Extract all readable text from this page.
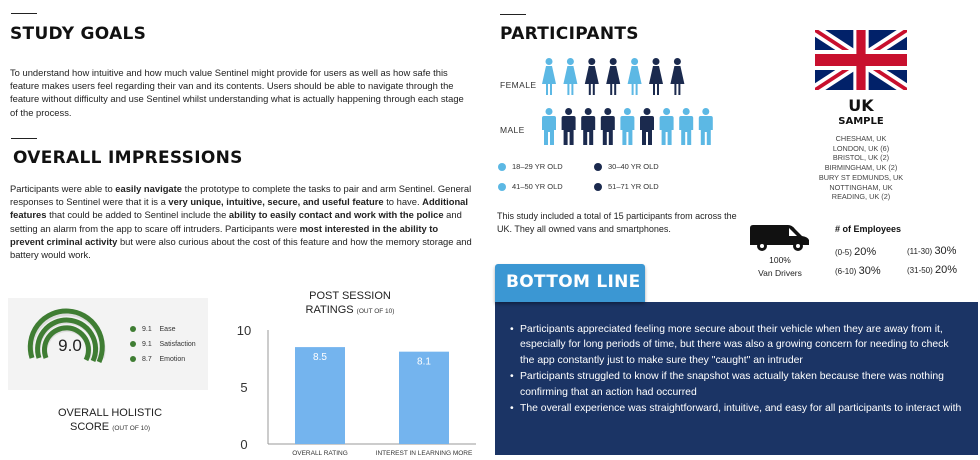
STUDY GOALS
To understand how intuitive and how much value Sentinel might provide for users as well as how safe this feature makes users feel regarding their van and its contents. Users should be able to navigate through the feature without difficulty and use Sentinel whilst understanding what is actually happening through each stage of the process.
OVERALL IMPRESSIONS
Participants were able to easily navigate the prototype to complete the tasks to pair and arm Sentinel. General responses to Sentinel were that it is a very unique, intuitive, secure, and useful feature to have. Additional features that could be added to Sentinel include the ability to easily contact and work with the police and setting an alarm from the app to scare off intruders. Participants were most interested in the ability to prevent criminal activity but were also curious about the cost of this feature and how the memory storage and battery would work.
9.0
9.1 Ease
9.1 Satisfaction
8.7 Emotion
OVERALL HOLISTIC SCORE (OUT OF 10)
POST SESSION RATINGS (OUT OF 10)
10
5
0
8.5
OVERALL RATING
8.1
INTEREST IN LEARNING MORE
PARTICIPANTS
FEMALE
MALE
18–29 YR OLD	30–40 YR OLD
41–50 YR OLD	51–71 YR OLD
This study included a total of 15 participants from across the UK. They all owned vans and smartphones.
UK
SAMPLE
CHESHAM, UK
LONDON, UK (6)
BRISTOL, UK (2)
BIRMINGHAM, UK (2)
BURY ST EDMUNDS, UK
NOTTINGHAM, UK
READING, UK (2)
100%
Van Drivers
# of Employees
(0-5) 20%	(11-30) 30%
(6-10) 30%	(31-50) 20%
BOTTOM LINE
• Participants appreciated feeling more secure about their vehicle when they are away from it, especially for long periods of time, but there was also a growing concern for needing to check the app constantly just to make sure they "caught" an intruder
• Participants struggled to know if the snapshot was actually taken because there was nothing confirming that an action had occurred
• The overall experience was straightforward, intuitive, and easy for all participants to interact with
